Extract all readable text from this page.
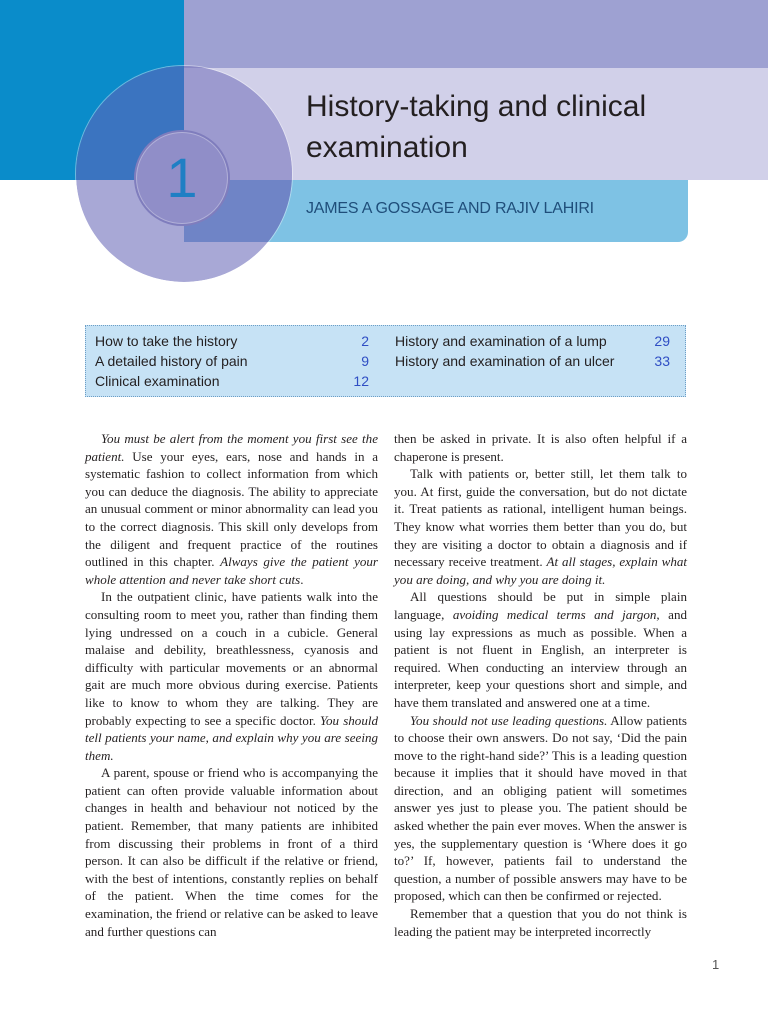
1
History-taking and clinical examination
JAMES A GOSSAGE AND RAJIV LAHIRI
How to take the history	2
A detailed history of pain	9
Clinical examination	12
History and examination of a lump	29
History and examination of an ulcer	33

You must be alert from the moment you first see the patient. Use your eyes, ears, nose and hands in a systematic fashion to collect information from which you can deduce the diagnosis. The ability to appreciate an unusual comment or minor abnormality can lead you to the correct diagnosis. This skill only develops from the diligent and frequent practice of the routines outlined in this chapter. Always give the patient your whole attention and never take short cuts.

In the outpatient clinic, have patients walk into the consulting room to meet you, rather than finding them lying undressed on a couch in a cubicle. General malaise and debility, breathlessness, cyanosis and difficulty with particular movements or an abnormal gait are much more obvious during exercise. Patients like to know to whom they are talking. They are probably expecting to see a specific doctor. You should tell patients your name, and explain why you are seeing them.

A parent, spouse or friend who is accompanying the patient can often provide valuable information about changes in health and behaviour not noticed by the patient. Remember, that many patients are inhibited from discussing their problems in front of a third person. It can also be difficult if the relative or friend, with the best of intentions, constantly replies on behalf of the patient. When the time comes for the examination, the friend or relative can be asked to leave and further questions can

then be asked in private. It is also often helpful if a chaperone is present.

Talk with patients or, better still, let them talk to you. At first, guide the conversation, but do not dictate it. Treat patients as rational, intelligent human beings. They know what worries them better than you do, but they are visiting a doctor to obtain a diagnosis and if necessary receive treatment. At all stages, explain what you are doing, and why you are doing it.

All questions should be put in simple plain language, avoiding medical terms and jargon, and using lay expressions as much as possible. When a patient is not fluent in English, an interpreter is required. When conducting an interview through an interpreter, keep your questions short and simple, and have them translated and answered one at a time.

You should not use leading questions. Allow patients to choose their own answers. Do not say, ‘Did the pain move to the right-hand side?’ This is a leading question because it implies that it should have moved in that direction, and an obliging patient will sometimes answer yes just to please you. The patient should be asked whether the pain ever moves. When the answer is yes, the supplementary question is ‘Where does it go to?’ If, however, patients fail to understand the question, a number of possible answers may have to be proposed, which can then be confirmed or rejected.

Remember that a question that you do not think is leading the patient may be interpreted incorrectly

1
